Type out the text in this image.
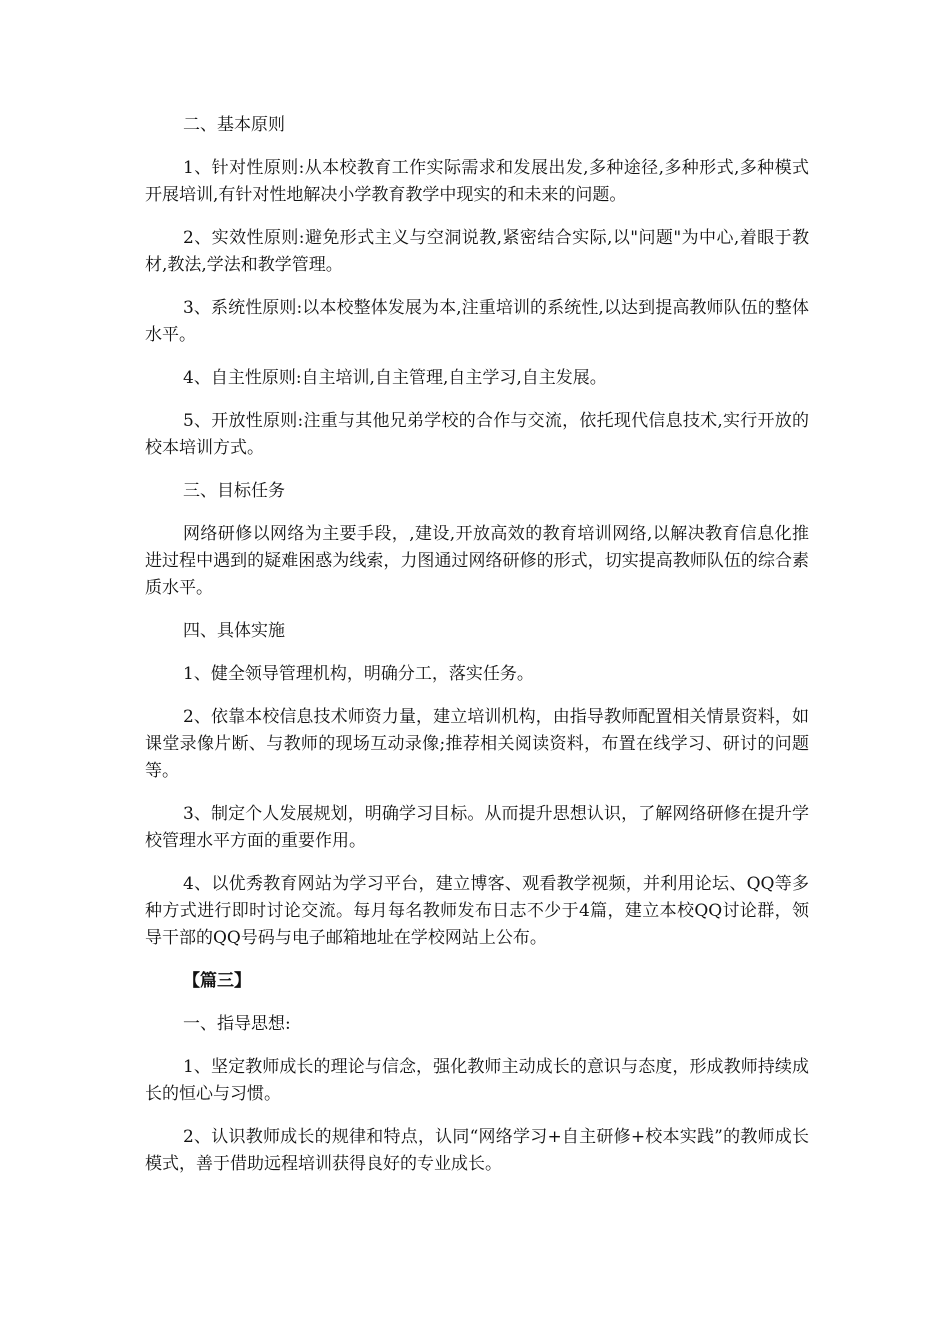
二、基本原则

1、针对性原则:从本校教育工作实际需求和发展出发,多种途径,多种形式,多种模式开展培训,有针对性地解决小学教育教学中现实的和未来的问题。

2、实效性原则:避免形式主义与空洞说教,紧密结合实际,以"问题"为中心,着眼于教材,教法,学法和教学管理。

3、系统性原则:以本校整体发展为本,注重培训的系统性,以达到提高教师队伍的整体水平。

4、自主性原则:自主培训,自主管理,自主学习,自主发展。

5、开放性原则:注重与其他兄弟学校的合作与交流，依托现代信息技术,实行开放的校本培训方式。

三、目标任务

网络研修以网络为主要手段，,建设,开放高效的教育培训网络,以解决教育信息化推进过程中遇到的疑难困惑为线索，力图通过网络研修的形式，切实提高教师队伍的综合素质水平。

四、具体实施

1、健全领导管理机构，明确分工，落实任务。

2、依靠本校信息技术师资力量，建立培训机构，由指导教师配置相关情景资料，如课堂录像片断、与教师的现场互动录像;推荐相关阅读资料，布置在线学习、研讨的问题等。

3、制定个人发展规划，明确学习目标。从而提升思想认识，了解网络研修在提升学校管理水平方面的重要作用。

4、以优秀教育网站为学习平台，建立博客、观看教学视频，并利用论坛、QQ等多种方式进行即时讨论交流。每月每名教师发布日志不少于4篇，建立本校QQ讨论群，领导干部的QQ号码与电子邮箱地址在学校网站上公布。

【篇三】

一、指导思想:

1、坚定教师成长的理论与信念，强化教师主动成长的意识与态度，形成教师持续成长的恒心与习惯。

2、认识教师成长的规律和特点，认同“网络学习+自主研修+校本实践”的教师成长模式，善于借助远程培训获得良好的专业成长。
